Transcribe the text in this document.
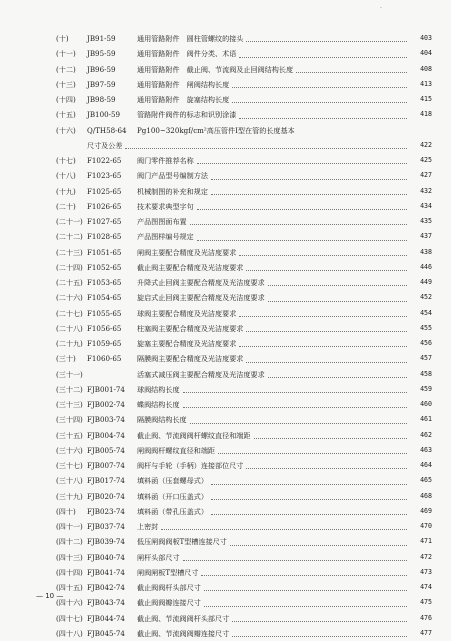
·
(十)	JB91-59	通用管路附件　圆柱管螺纹的接头	403
(十一) JB95-59	通用管路附件　阀件分类、术语	404
(十二) JB96-59	通用管路附件　截止阀、节流阀及止回阀结构长度	408
(十三) JB97-59	通用管路附件　闸阀结构长度	413
(十四) JB98-59	通用管路附件　旋塞结构长度	415
(十五) JB100-59 管路附件阀件的标志和识别涂漆	418
(十六) Q/TH58-64 Pg100~320kgf/cm²高压管件I型在管的长度基本
尺寸及公差	422
(十七) F1022-65 阀门零件推荐名称	425
(十八) F1023-65 阀门产品型号编制方法	427
(十九) F1025-65 机械制图的补充和规定	432
(二十) F1026-65 技术要求典型字句	434
(二十一) F1027-65 产品图图面布置	435
(二十二) F1028-65 产品图样编号规定	437
(二十三) F1051-65 闸阀主要配合精度及光洁度要求	438
(二十四) F1052-65 截止阀主要配合精度及光洁度要求	446
(二十五) F1053-65 升降式止回阀主要配合精度及光洁度要求	449
(二十六) F1054-65 旋启式止回阀主要配合精度及光洁度要求	452
(二十七) F1055-65 球阀主要配合精度及光洁度要求	454
(二十八) F1056-65 柱塞阀主要配合精度及光洁度要求	455
(二十九) F1059-65 旋塞主要配合精度及光洁度要求	456
(三十) F1060-65 隔膜阀主要配合精度及光洁度要求	457
(三十一)	活塞式减压阀主要配合精度及光洁度要求	458
(三十二) FJB001-74 球阀结构长度	459
(三十三) FJB002-74 蝶阀结构长度	460
(三十四) FJB003-74 隔膜阀结构长度	461
(三十五) FJB004-74 截止阀、节流阀阀杆螺纹直径和端距	462
(三十六) FJB005-74 闸阀阀杆螺纹直径和端距	463
(三十七) FJB007-74 阀杆与手轮（手柄）连接部位尺寸	464
(三十八) FJB017-74 填料函（压套螺母式）	465
(三十九) FJB020-74 填料函（开口压盖式）	468
(四十) FJB023-74 填料函（带孔压盖式）	469
(四十一) FJB037-74 上密封	470
(四十二) FJB039-74 低压闸阀阀板T型槽连接尺寸	471
(四十三) FJB040-74 闸杆头部尺寸	472
(四十四) FJB041-74 闸阀闸板T型槽尺寸	473
(四十五) FJB042-74 截止阀阀杆头部尺寸	474
(四十六) FJB043-74 截止阀阀瓣连接尺寸	475
(四十七) FJB044-74 截止阀、节流阀阀杆头部尺寸	476
(四十八) FJB045-74 截止阀、节流阀阀瓣连接尺寸	477
— 10 —
